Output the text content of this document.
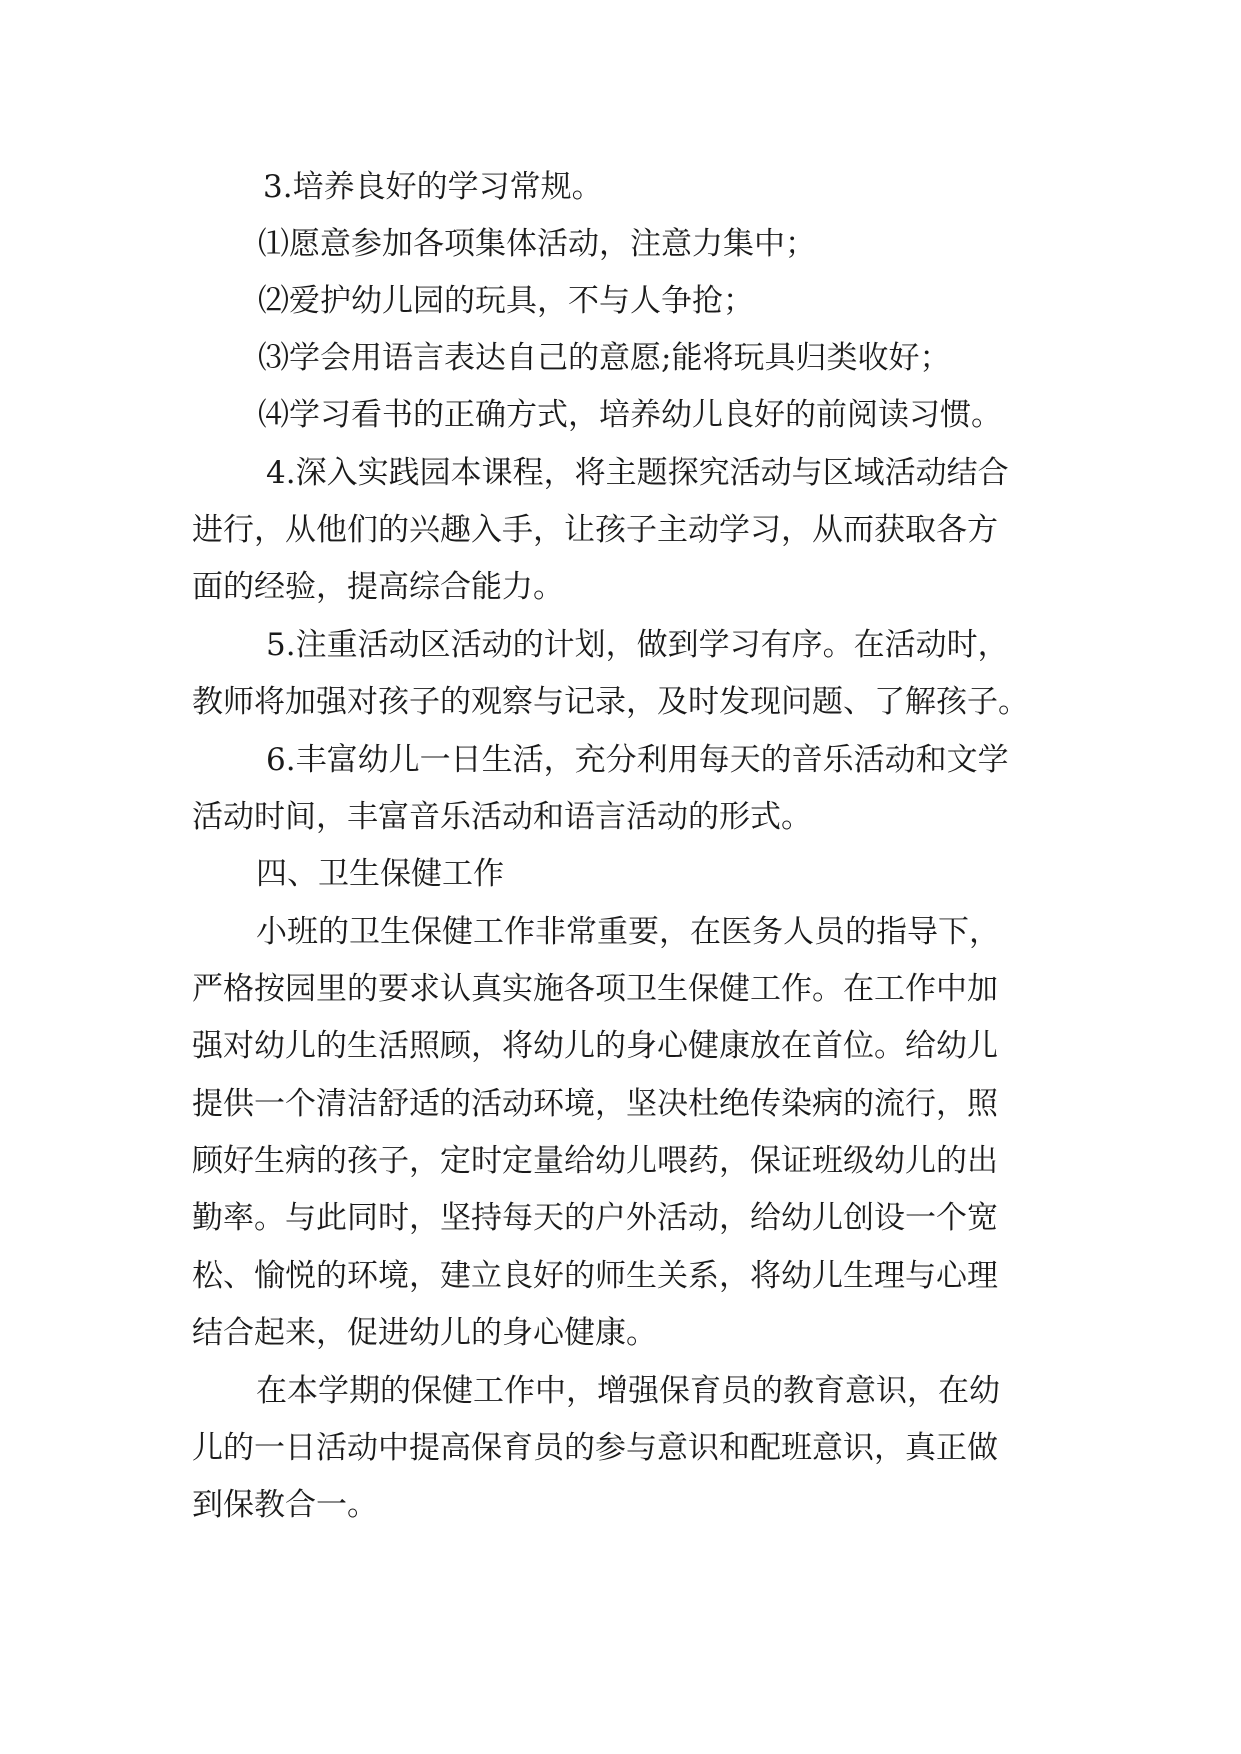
3.培养良好的学习常规。
⑴愿意参加各项集体活动，注意力集中；
⑵爱护幼儿园的玩具，不与人争抢；
⑶学会用语言表达自己的意愿;能将玩具归类收好；
⑷学习看书的正确方式，培养幼儿良好的前阅读习惯。
4.深入实践园本课程，将主题探究活动与区域活动结合
进行，从他们的兴趣入手，让孩子主动学习，从而获取各方
面的经验，提高综合能力。
5.注重活动区活动的计划，做到学习有序。在活动时，
教师将加强对孩子的观察与记录，及时发现问题、了解孩子。
6.丰富幼儿一日生活，充分利用每天的音乐活动和文学
活动时间，丰富音乐活动和语言活动的形式。
四、卫生保健工作
小班的卫生保健工作非常重要，在医务人员的指导下，
严格按园里的要求认真实施各项卫生保健工作。在工作中加
强对幼儿的生活照顾，将幼儿的身心健康放在首位。给幼儿
提供一个清洁舒适的活动环境，坚决杜绝传染病的流行，照
顾好生病的孩子，定时定量给幼儿喂药，保证班级幼儿的出
勤率。与此同时，坚持每天的户外活动，给幼儿创设一个宽
松、愉悦的环境，建立良好的师生关系，将幼儿生理与心理
结合起来，促进幼儿的身心健康。
在本学期的保健工作中，增强保育员的教育意识，在幼
儿的一日活动中提高保育员的参与意识和配班意识，真正做
到保教合一。
